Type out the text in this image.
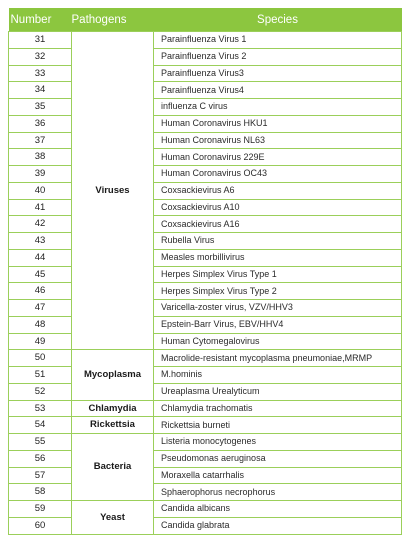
Number	Pathogens	Species
31	Viruses	Parainfluenza Virus 1
32		Parainfluenza Virus 2
33		Parainfluenza Virus3
34		Parainfluenza Virus4
35		influenza C virus
36		Human Coronavirus HKU1
37		Human Coronavirus NL63
38		Human Coronavirus 229E
39		Human Coronavirus OC43
40		Coxsackievirus A6
41		Coxsackievirus A10
42		Coxsackievirus A16
43		Rubella Virus
44		Measles morbillivirus
45		Herpes Simplex Virus Type 1
46		Herpes Simplex Virus Type 2
47		Varicella-zoster virus, VZV/HHV3
48		Epstein-Barr Virus, EBV/HHV4
49		Human Cytomegalovirus
50	Mycoplasma	Macrolide-resistant mycoplasma pneumoniae,MRMP
51		M.hominis
52		Ureaplasma Urealyticum
53	Chlamydia	Chlamydia trachomatis
54	Rickettsia	Rickettsia burneti
55	Bacteria	Listeria monocytogenes
56		Pseudomonas aeruginosa
57		Moraxella catarrhalis
58		Sphaerophorus necrophorus
59	Yeast	Candida albicans
60		Candida glabrata
